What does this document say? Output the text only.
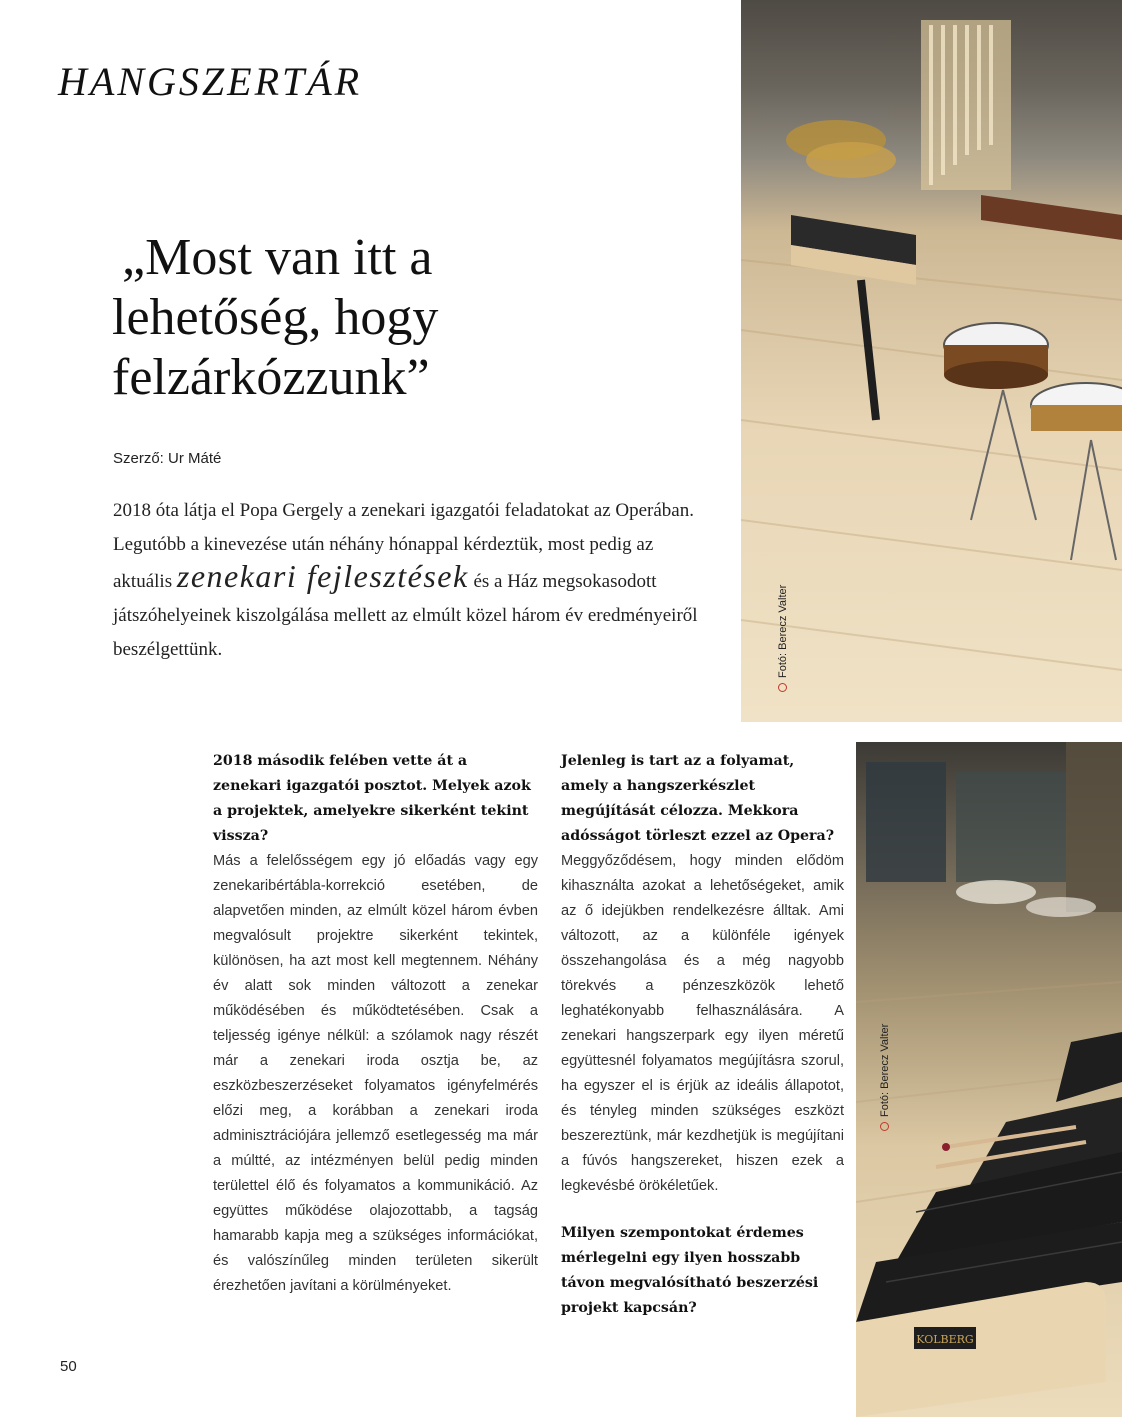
HANGSZERTÁR
„Most van itt a
lehetőség, hogy
felzárkózzunk”
Szerző: Ur Máté

2018 óta látja el Popa Gergely a zenekari igazgatói feladatokat az Operában. Legutóbb a kinevezése után néhány hónappal kérdeztük, most pedig az aktuális zenekari fejlesztések és a Ház megsokasodott játszóhelyeinek kiszolgálása mellett az elmúlt közel három év eredményeiről beszélgettünk.	Fotó: Berecz Valter
KOLBERG
Fotó: Berecz Valter

2018 második felében vette át a zenekari igazgatói posztot. Melyek azok a projektek, amelyekre sikerként tekint vissza?

Más a felelősségem egy jó előadás vagy egy zenekaribértábla-korrekció esetében, de alapvetően minden, az elmúlt közel három évben megvalósult projektre sikerként tekintek, különösen, ha azt most kell megtennem. Néhány év alatt sok minden változott a zenekar működésében és működtetésében. Csak a teljesség igénye nélkül: a szólamok nagy részét már a zenekari iroda osztja be, az eszközbeszerzéseket folyamatos igényfelmérés előzi meg, a korábban a zenekari iroda adminisztrációjára jellemző esetlegesség ma már a múltté, az intézményen belül pedig minden területtel élő és folyamatos a kommunikáció. Az együttes működése olajozottabb, a tagság hamarabb kapja meg a szükséges információkat, és valószínűleg minden területen sikerült érezhetően javítani a körülményeket.

Jelenleg is tart az a folyamat, amely a hangszerkészlet megújítását célozza. Mekkora adósságot törleszt ezzel az Opera?

Meggyőződésem, hogy minden elődöm kihasználta azokat a lehetőségeket, amik az ő idejükben rendelkezésre álltak. Ami változott, az a különféle igények összehangolása és a még nagyobb törekvés a pénzeszközök lehető leghatékonyabb felhasználására. A zenekari hangszerpark egy ilyen méretű együttesnél folyamatos megújításra szorul, ha egyszer el is érjük az ideális állapotot, és tényleg minden szükséges eszközt beszereztünk, már kezdhetjük is megújítani a fúvós hangszereket, hiszen ezek a legkevésbé örökéletűek.

Milyen szempontokat érdemes mérlegelni egy ilyen hosszabb távon megvalósítható beszerzési projekt kapcsán?

50
